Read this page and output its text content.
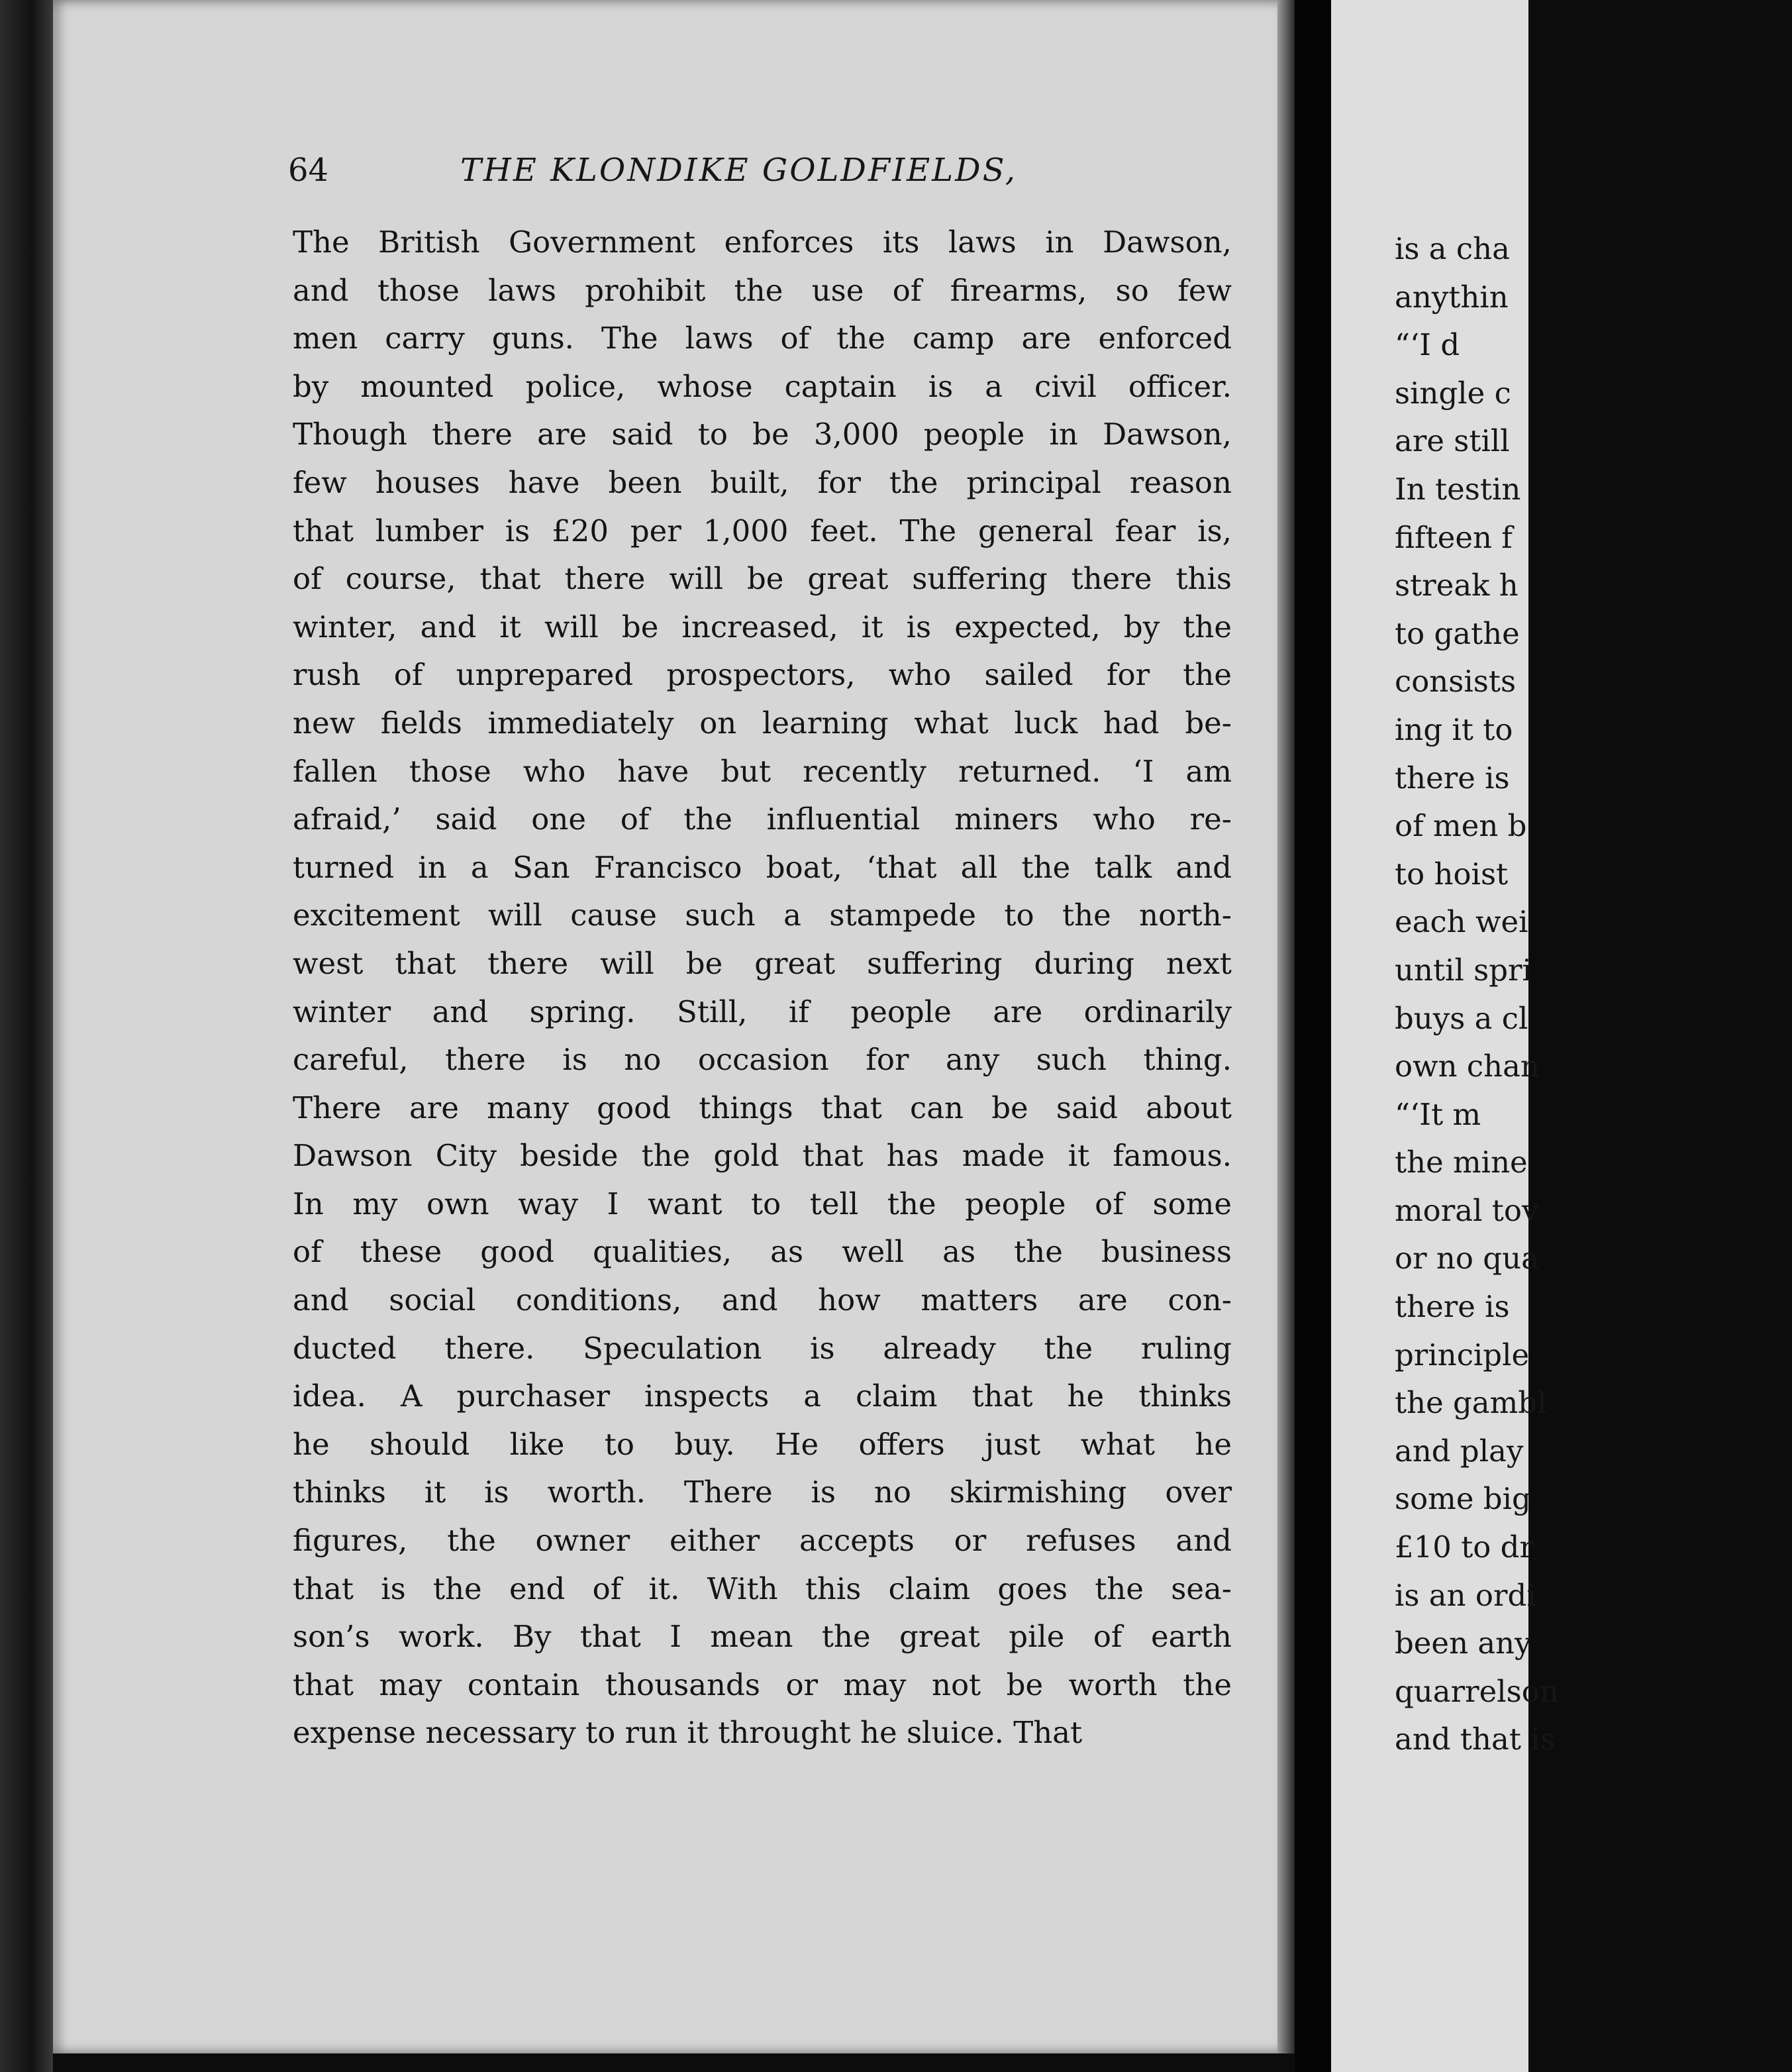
64	THE KLONDIKE GOLDFIELDS,
The British Government enforces its laws in Dawson,
and those laws prohibit the use of firearms, so few
men carry guns. The laws of the camp are enforced
by mounted police, whose captain is a civil officer.
Though there are said to be 3,000 people in Dawson,
few houses have been built, for the principal reason
that lumber is £20 per 1,000 feet. The general fear is,
of course, that there will be great suffering there this
winter, and it will be increased, it is expected, by the
rush of unprepared prospectors, who sailed for the
new fields immediately on learning what luck had be-
fallen those who have but recently returned. ‘I am
afraid,’ said one of the influential miners who re-
turned in a San Francisco boat, ‘that all the talk and
excitement will cause such a stampede to the north-
west that there will be great suffering during next
winter and spring. Still, if people are ordinarily
careful, there is no occasion for any such thing.
There are many good things that can be said about
Dawson City beside the gold that has made it famous.
In my own way I want to tell the people of some
of these good qualities, as well as the business
and social conditions, and how matters are con-
ducted there. Speculation is already the ruling
idea. A purchaser inspects a claim that he thinks
he should like to buy. He offers just what he
thinks it is worth. There is no skirmishing over
figures, the owner either accepts or refuses and
that is the end of it. With this claim goes the sea-
son’s work. By that I mean the great pile of earth
that may contain thousands or may not be worth the
expense necessary to run it throught he sluice. That
is a cha
anythin
“‘I d
single c
are still
In testin
fifteen f
streak h
to gathe
consists
ing it to
there is
of men b
to hoist
each wei
until spri
buys a cl
own chan
“‘It m
the mine
moral tov
or no qua
there is
principle
the gambl
and play
some big
£10 to dr
is an ordi
been any
quarrelson
and that is
